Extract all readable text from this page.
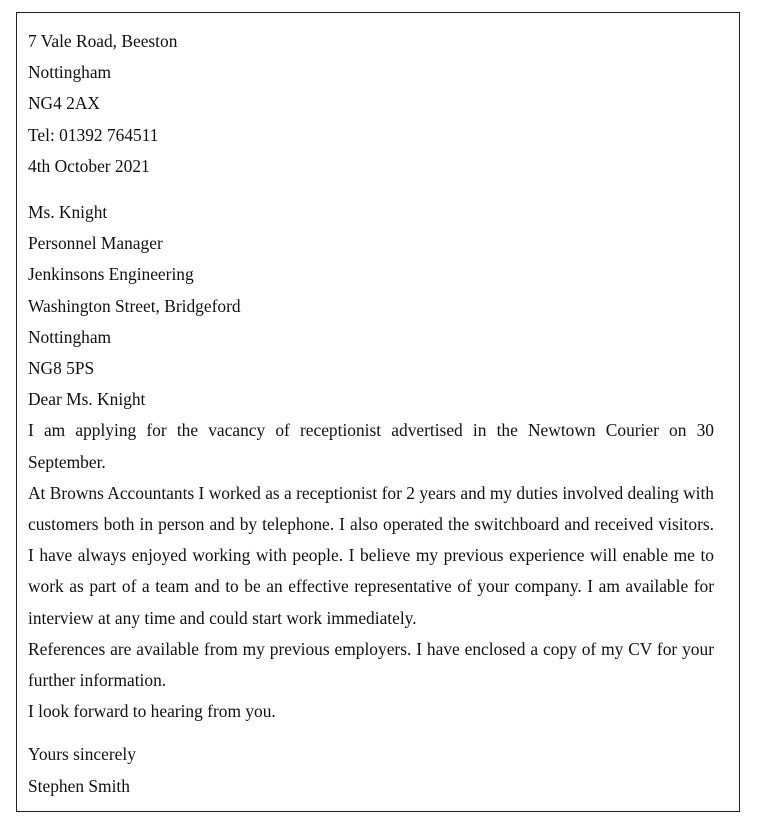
7 Vale Road, Beeston
Nottingham
NG4 2AX
Tel: 01392 764511
4th October 2021
Ms. Knight
Personnel Manager
Jenkinsons Engineering
Washington Street, Bridgeford
Nottingham
NG8 5PS
Dear Ms. Knight

I am applying for the vacancy of receptionist advertised in the Newtown Courier on 30 September.

At Browns Accountants I worked as a receptionist for 2 years and my duties involved dealing with customers both in person and by telephone. I also operated the switchboard and received visitors. I have always enjoyed working with people. I believe my previous experience will enable me to work as part of a team and to be an effective representative of your company. I am available for interview at any time and could start work immediately.

References are available from my previous employers. I have enclosed a copy of my CV for your further information.

I look forward to hearing from you.

Yours sincerely
Stephen Smith
